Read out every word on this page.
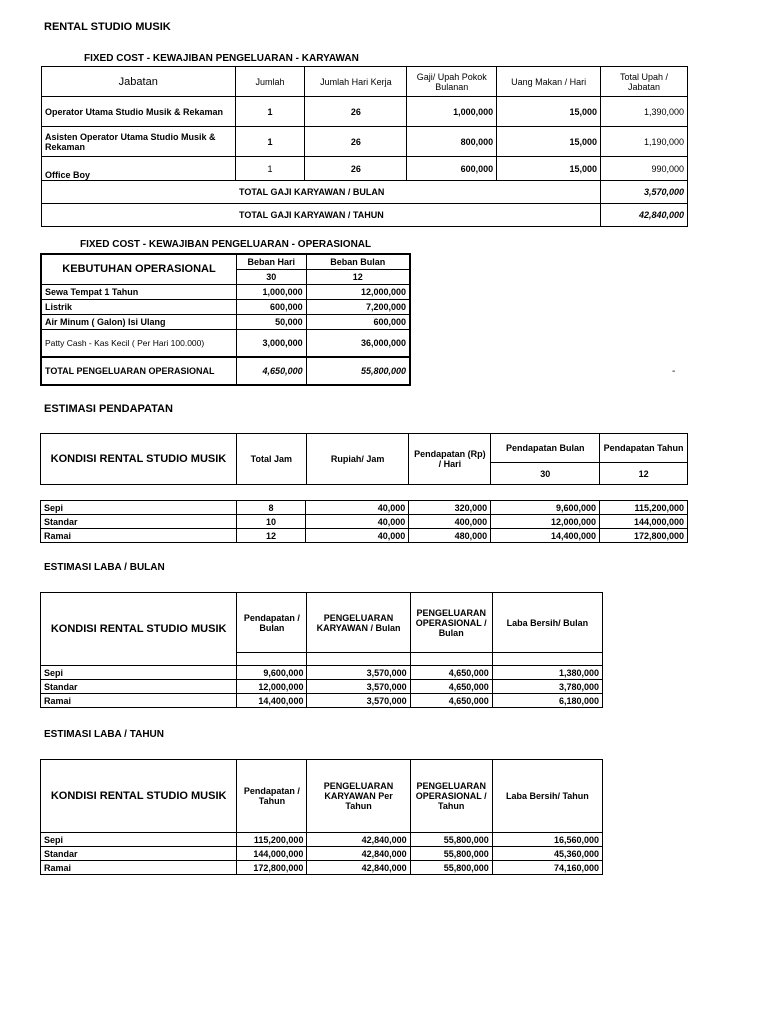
RENTAL STUDIO MUSIK
FIXED COST - KEWAJIBAN PENGELUARAN - KARYAWAN
Jabatan	Jumlah	Jumlah Hari Kerja	Gaji/ Upah Pokok Bulanan	Uang Makan / Hari	Total Upah / Jabatan
Operator Utama Studio Musik & Rekaman	1	26	1,000,000	15,000	1,390,000
Asisten Operator Utama Studio Musik & Rekaman	1	26	800,000	15,000	1,190,000
Office Boy	1	26	600,000	15,000	990,000
	TOTAL GAJI KARYAWAN / BULAN				3,570,000
	TOTAL GAJI KARYAWAN / TAHUN				42,840,000
FIXED COST - KEWAJIBAN PENGELUARAN - OPERASIONAL
KEBUTUHAN OPERASIONAL	Beban Hari	Beban Bulan
	30	12
Sewa Tempat 1 Tahun	1,000,000	12,000,000
Listrik	600,000	7,200,000
Air Minum ( Galon) Isi Ulang	50,000	600,000
Patty Cash - Kas Kecil ( Per Hari 100.000)	3,000,000	36,000,000
TOTAL PENGELUARAN OPERASIONAL	4,650,000	55,800,000	-
ESTIMASI PENDAPATAN
KONDISI RENTAL STUDIO MUSIK	Total Jam	Rupiah/ Jam	Pendapatan (Rp) / Hari	Pendapatan Bulan	Pendapatan Tahun
				30	12
Sepi	8	40,000	320,000	9,600,000	115,200,000
Standar	10	40,000	400,000	12,000,000	144,000,000
Ramai	12	40,000	480,000	14,400,000	172,800,000
ESTIMASI LABA / BULAN
KONDISI RENTAL STUDIO MUSIK	Pendapatan / Bulan	PENGELUARAN KARYAWAN / Bulan	PENGELUARAN OPERASIONAL / Bulan	Laba Bersih/ Bulan

Sepi	9,600,000	3,570,000	4,650,000	1,380,000
Standar	12,000,000	3,570,000	4,650,000	3,780,000
Ramai	14,400,000	3,570,000	4,650,000	6,180,000
ESTIMASI LABA / TAHUN
KONDISI RENTAL STUDIO MUSIK	Pendapatan / Tahun	PENGELUARAN KARYAWAN Per Tahun	PENGELUARAN OPERASIONAL / Tahun	Laba Bersih/ Tahun
Sepi	115,200,000	42,840,000	55,800,000	16,560,000
Standar	144,000,000	42,840,000	55,800,000	45,360,000
Ramai	172,800,000	42,840,000	55,800,000	74,160,000
